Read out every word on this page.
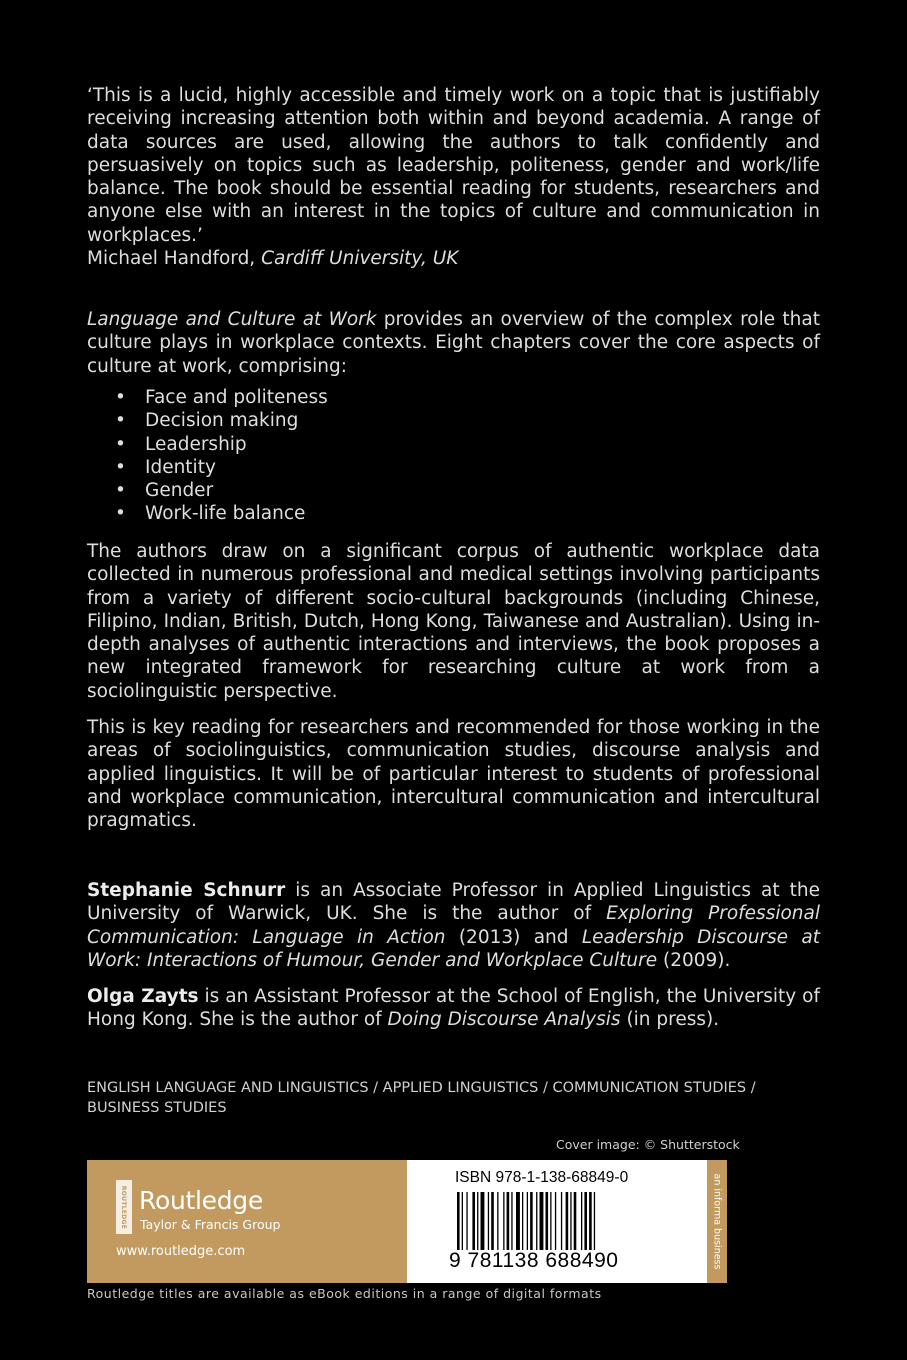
‘This is a lucid, highly accessible and timely work on a topic that is justifiably receiving increasing attention both within and beyond academia. A range of data sources are used, allowing the authors to talk confidently and persuasively on topics such as leadership, politeness, gender and work/life balance. The book should be essential reading for students, researchers and anyone else with an interest in the topics of culture and communication in workplaces.’
Michael Handford, Cardiff University, UK
Language and Culture at Work provides an overview of the complex role that culture plays in workplace contexts. Eight chapters cover the core aspects of culture at work, comprising:
• Face and politeness
• Decision making
• Leadership
• Identity
• Gender
• Work-life balance
The authors draw on a significant corpus of authentic workplace data collected in numerous professional and medical settings involving participants from a variety of different socio-cultural backgrounds (including Chinese, Filipino, Indian, British, Dutch, Hong Kong, Taiwanese and Australian). Using in-depth analyses of authentic interactions and interviews, the book proposes a new integrated framework for researching culture at work from a sociolinguistic perspective.
This is key reading for researchers and recommended for those working in the areas of sociolinguistics, communication studies, discourse analysis and applied linguistics. It will be of particular interest to students of professional and workplace communication, intercultural communication and intercultural pragmatics.
Stephanie Schnurr is an Associate Professor in Applied Linguistics at the University of Warwick, UK. She is the author of Exploring Professional Communication: Language in Action (2013) and Leadership Discourse at Work: Interactions of Humour, Gender and Workplace Culture (2009).
Olga Zayts is an Assistant Professor at the School of English, the University of Hong Kong. She is the author of Doing Discourse Analysis (in press).
ENGLISH LANGUAGE AND LINGUISTICS / APPLIED LINGUISTICS / COMMUNICATION STUDIES / BUSINESS STUDIES
Cover image: © Shutterstock
ROUTLEDGE Routledge
Taylor & Francis Group
www.routledge.com
ISBN 978-1-138-68849-0
9 781138 688490	an informa business
Routledge titles are available as eBook editions in a range of digital formats
